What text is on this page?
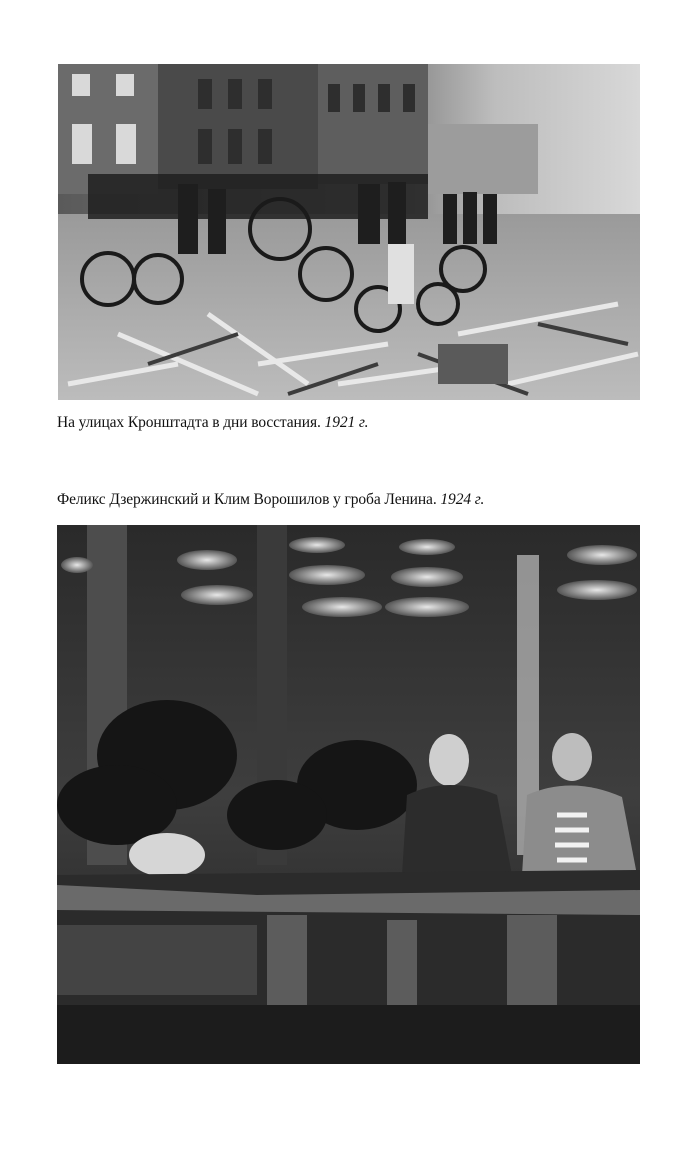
На улицах Кронштадта в дни восстания. 1921 г.
Феликс Дзержинский и Клим Ворошилов у гроба Ленина. 1924 г.
